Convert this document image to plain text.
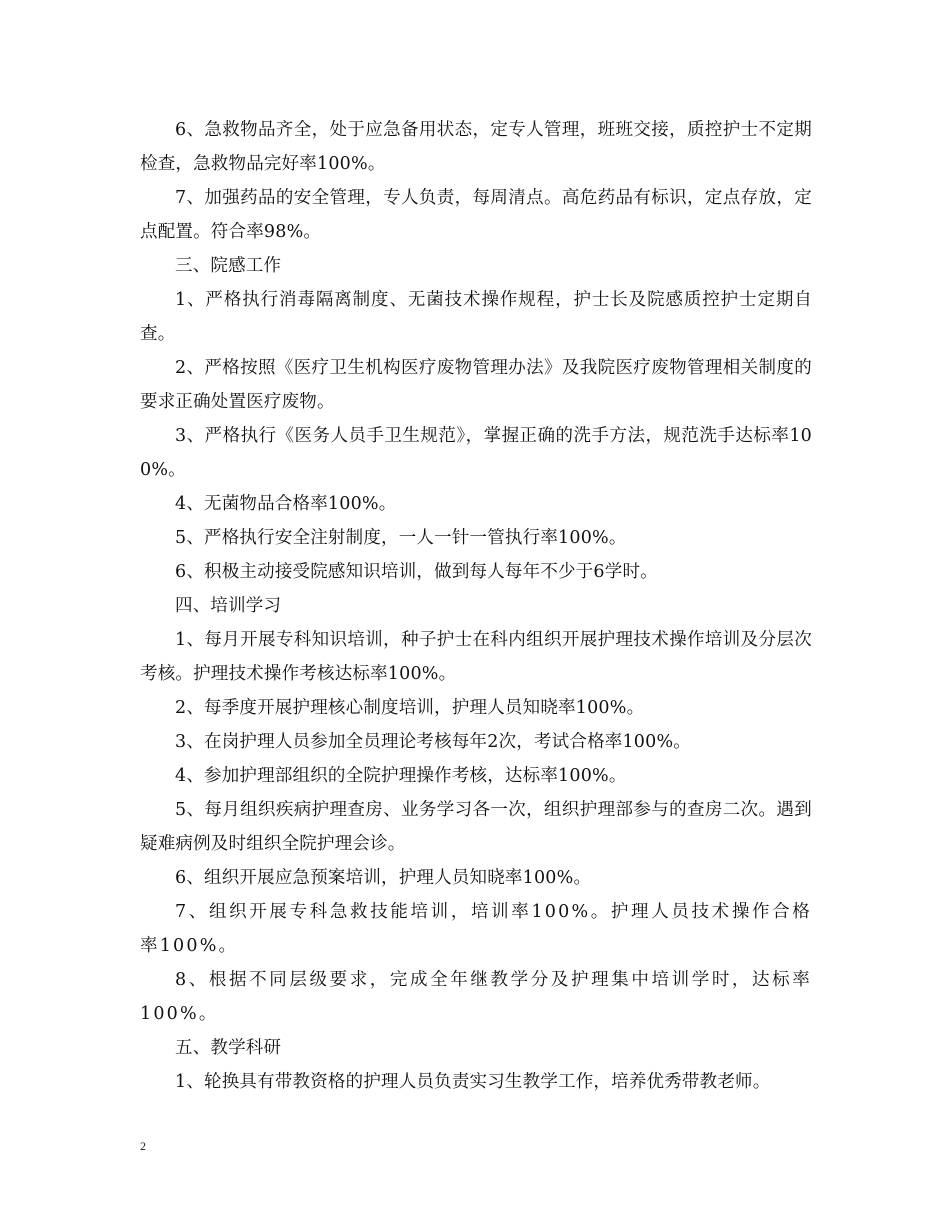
6、急救物品齐全，处于应急备用状态，定专人管理，班班交接，质控护士不定期检查，急救物品完好率100%。

7、加强药品的安全管理，专人负责，每周清点。高危药品有标识，定点存放，定点配置。符合率98%。

三、院感工作

1、严格执行消毒隔离制度、无菌技术操作规程，护士长及院感质控护士定期自查。

2、严格按照《医疗卫生机构医疗废物管理办法》及我院医疗废物管理相关制度的要求正确处置医疗废物。

3、严格执行《医务人员手卫生规范》，掌握正确的洗手方法，规范洗手达标率100%。

4、无菌物品合格率100%。

5、严格执行安全注射制度，一人一针一管执行率100%。

6、积极主动接受院感知识培训，做到每人每年不少于6学时。

四、培训学习

1、每月开展专科知识培训，种子护士在科内组织开展护理技术操作培训及分层次考核。护理技术操作考核达标率100%。

2、每季度开展护理核心制度培训，护理人员知晓率100%。

3、在岗护理人员参加全员理论考核每年2次，考试合格率100%。

4、参加护理部组织的全院护理操作考核，达标率100%。

5、每月组织疾病护理查房、业务学习各一次，组织护理部参与的查房二次。遇到疑难病例及时组织全院护理会诊。

6、组织开展应急预案培训，护理人员知晓率100%。

7、组织开展专科急救技能培训，培训率100%。护理人员技术操作合格率100%。

8、根据不同层级要求，完成全年继教学分及护理集中培训学时，达标率100%。

五、教学科研

1、轮换具有带教资格的护理人员负责实习生教学工作，培养优秀带教老师。

2
